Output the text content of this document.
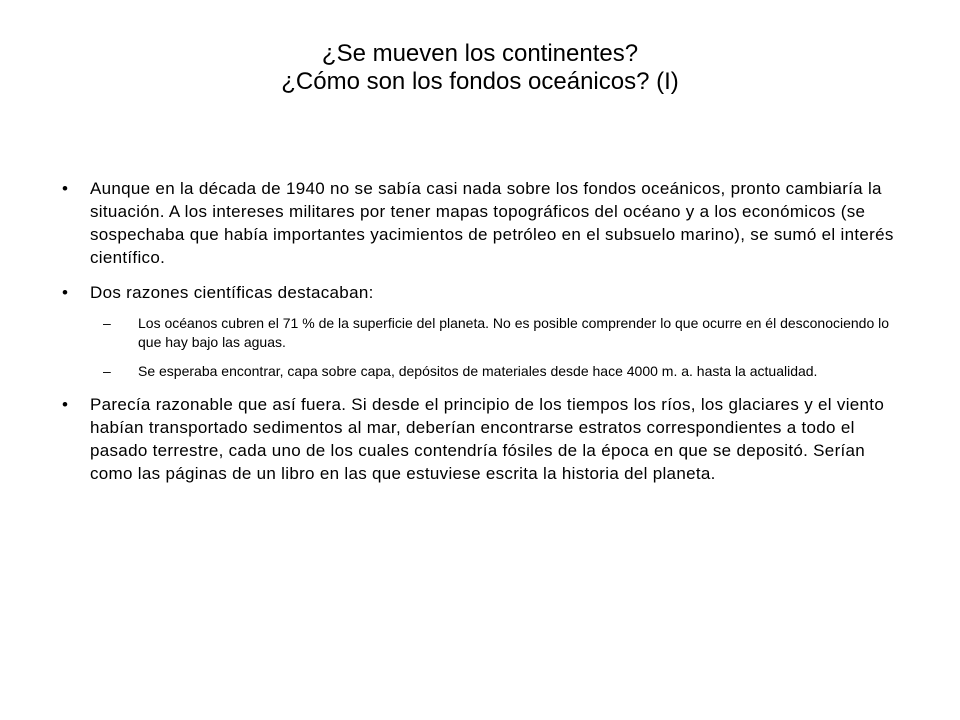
¿Se mueven los continentes?
¿Cómo son los fondos oceánicos? (I)
• Aunque en la década de 1940 no se sabía casi nada sobre los fondos oceánicos, pronto cambiaría la situación. A los intereses militares por tener mapas topográficos del océano y a los económicos (se sospechaba que había importantes yacimientos de petróleo en el subsuelo marino), se sumó el interés científico.
• Dos razones científicas destacaban:
– Los océanos cubren el 71 % de la superficie del planeta. No es posible comprender lo que ocurre en él desconociendo lo que hay bajo las aguas.
– Se esperaba encontrar, capa sobre capa, depósitos de materiales desde hace 4000 m. a. hasta la actualidad.
• Parecía razonable que así fuera. Si desde el principio de los tiempos los ríos, los glaciares y el viento habían transportado sedimentos al mar, deberían encontrarse estratos correspondientes a todo el pasado terrestre, cada uno de los cuales contendría fósiles de la época en que se depositó. Serían como las páginas de un libro en las que estuviese escrita la historia del planeta.
